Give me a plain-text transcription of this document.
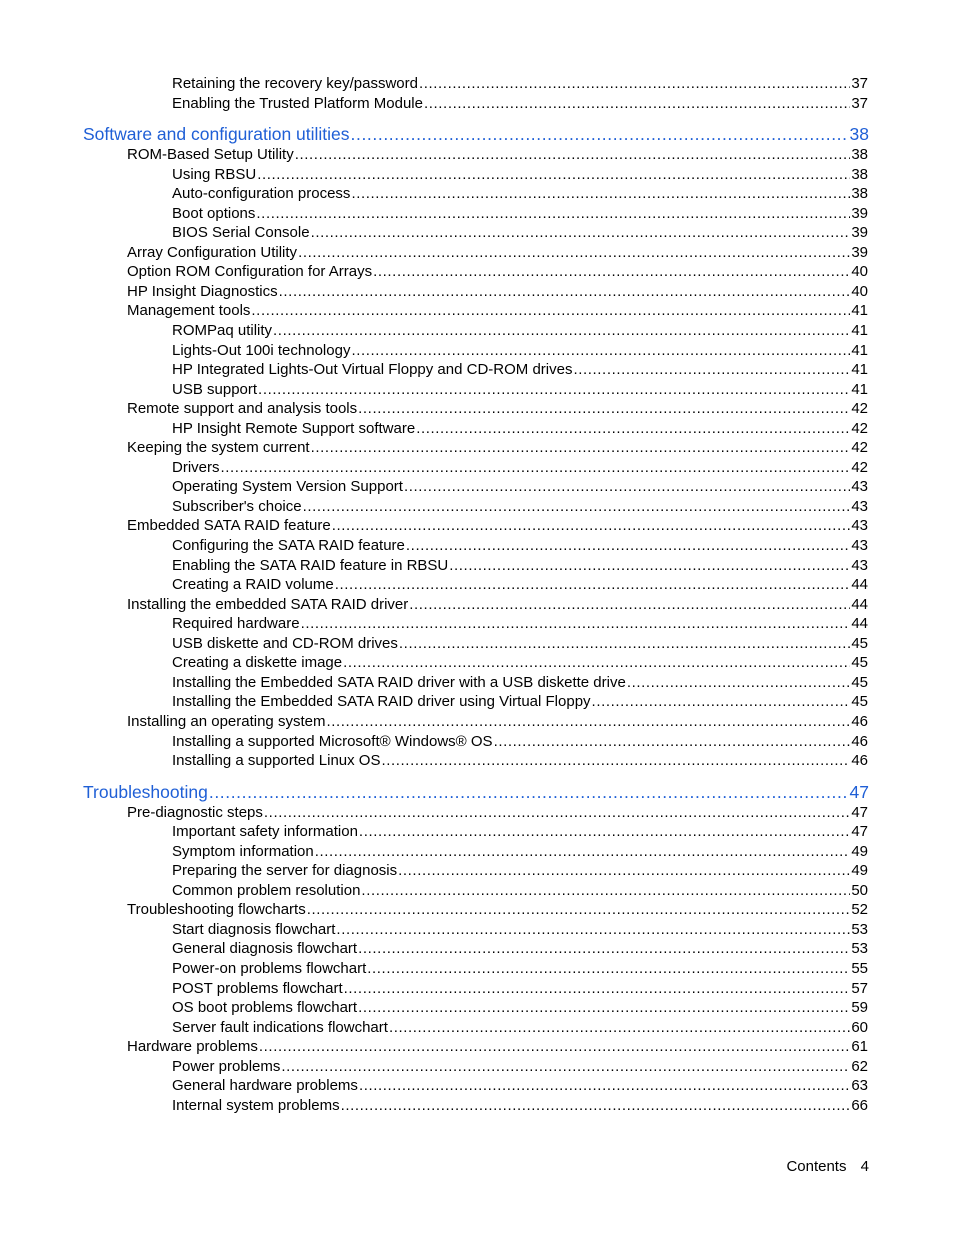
Retaining the recovery key/password .....	37
Enabling the Trusted Platform Module .....	37
Software and configuration utilities .....	38
ROM-Based Setup Utility .....	38
Using RBSU .....	38
Auto-configuration process .....	38
Boot options .....	39
BIOS Serial Console .....	39
Array Configuration Utility .....	39
Option ROM Configuration for Arrays .....	40
HP Insight Diagnostics .....	40
Management tools .....	41
ROMPaq utility .....	41
Lights-Out 100i technology .....	41
HP Integrated Lights-Out Virtual Floppy and CD-ROM drives .....	41
USB support .....	41
Remote support and analysis tools .....	42
HP Insight Remote Support software .....	42
Keeping the system current .....	42
Drivers .....	42
Operating System Version Support .....	43
Subscriber's choice .....	43
Embedded SATA RAID feature .....	43
Configuring the SATA RAID feature .....	43
Enabling the SATA RAID feature in RBSU .....	43
Creating a RAID volume .....	44
Installing the embedded SATA RAID driver .....	44
Required hardware .....	44
USB diskette and CD-ROM drives .....	45
Creating a diskette image .....	45
Installing the Embedded SATA RAID driver with a USB diskette drive .....	45
Installing the Embedded SATA RAID driver using Virtual Floppy .....	45
Installing an operating system .....	46
Installing a supported Microsoft® Windows® OS .....	46
Installing a supported Linux OS .....	46
Troubleshooting .....	47
Pre-diagnostic steps .....	47
Important safety information .....	47
Symptom information .....	49
Preparing the server for diagnosis .....	49
Common problem resolution .....	50
Troubleshooting flowcharts .....	52
Start diagnosis flowchart .....	53
General diagnosis flowchart .....	53
Power-on problems flowchart .....	55
POST problems flowchart .....	57
OS boot problems flowchart .....	59
Server fault indications flowchart .....	60
Hardware problems .....	61
Power problems .....	62
General hardware problems .....	63
Internal system problems .....	66
Contents 4
